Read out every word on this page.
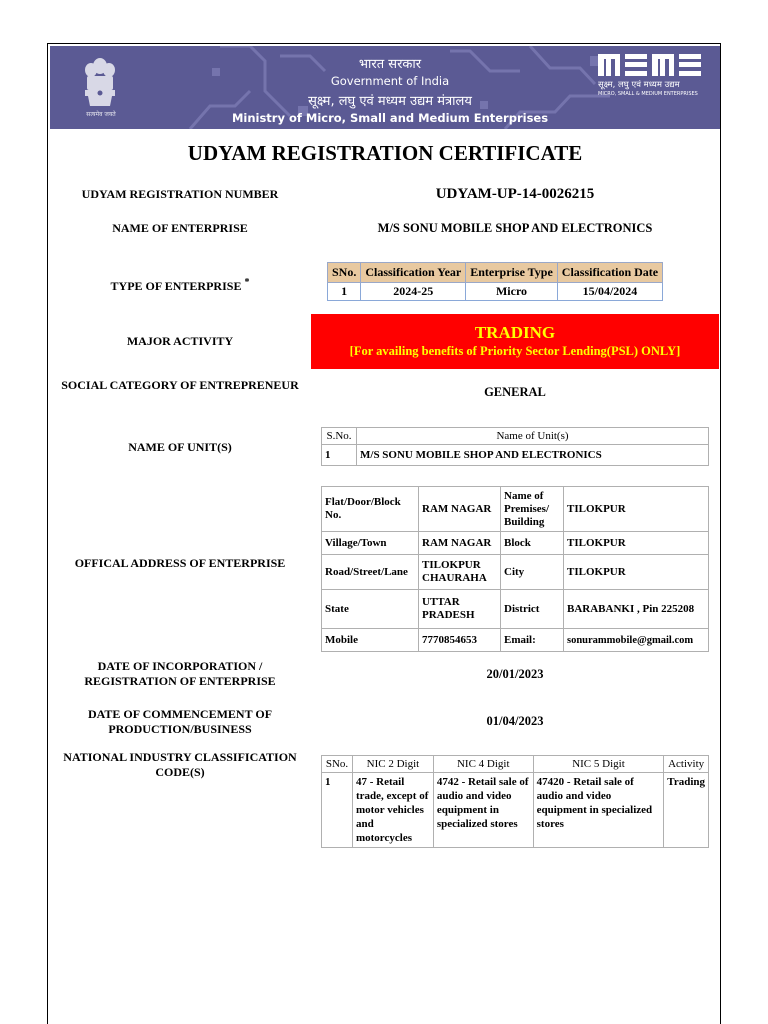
सत्यमेव जयते
भारत सरकार
Government of India
सूक्ष्म, लघु एवं मध्यम उद्यम मंत्रालय
Ministry of Micro, Small and Medium Enterprises
सूक्ष्म, लघु एवं मध्यम उद्यम
MICRO, SMALL & MEDIUM ENTERPRISES
UDYAM REGISTRATION CERTIFICATE
UDYAM REGISTRATION NUMBER	UDYAM-UP-14-0026215
NAME OF ENTERPRISE	M/S SONU MOBILE SHOP AND ELECTRONICS
TYPE OF ENTERPRISE *
SNo.	Classification Year	Enterprise Type	Classification Date
1	2024-25	Micro	15/04/2024
MAJOR ACTIVITY	TRADING
[For availing benefits of Priority Sector Lending(PSL) ONLY]
SOCIAL CATEGORY OF ENTREPRENEUR	GENERAL
NAME OF UNIT(S)
S.No.	Name of Unit(s)
1	M/S SONU MOBILE SHOP AND ELECTRONICS
OFFICAL ADDRESS OF ENTERPRISE
Flat/Door/Block No.	RAM NAGAR	Name of Premises/ Building	TILOKPUR
Village/Town	RAM NAGAR	Block	TILOKPUR
Road/Street/Lane	TILOKPUR CHAURAHA	City	TILOKPUR
State	UTTAR PRADESH	District	BARABANKI , Pin 225208
Mobile	7770854653	Email:	sonurammobile@gmail.com
DATE OF INCORPORATION / REGISTRATION OF ENTERPRISE	20/01/2023
DATE OF COMMENCEMENT OF PRODUCTION/BUSINESS
01/04/2023
NATIONAL INDUSTRY CLASSIFICATION CODE(S)
SNo.	NIC 2 Digit	NIC 4 Digit	NIC 5 Digit	Activity
1	47 - Retail trade, except of motor vehicles and motorcycles	4742 - Retail sale of audio and video equipment in specialized stores	47420 - Retail sale of audio and video equipment in specialized stores	Trading
